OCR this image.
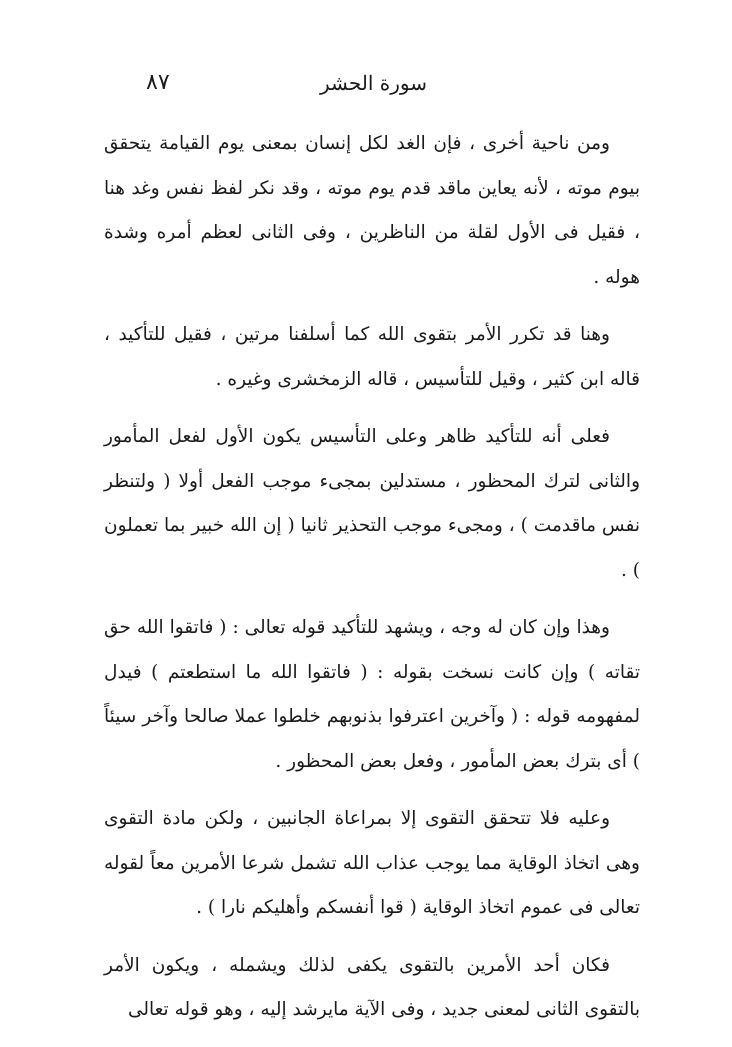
٨٧	سورة الحشر

ومن ناحية أخرى ، فإن الغد لكل إنسان بمعنى يوم القيامة يتحقق بيوم موته ، لأنه يعاين ماقد قدم يوم موته ، وقد نكر لفظ نفس وغد هنا ، فقيل فى الأول لقلة من الناظرين ، وفى الثانى لعظم أمره وشدة هوله .

وهنا قد تكرر الأمر بتقوى الله كما أسلفنا مرتين ، فقيل للتأكيد ، قاله ابن كثير ، وقيل للتأسيس ، قاله الزمخشرى وغيره .

فعلى أنه للتأكيد ظاهر وعلى التأسيس يكون الأول لفعل المأمور والثانى لترك المحظور ، مستدلين بمجىء موجب الفعل أولا ( ولتنظر نفس ماقدمت ) ، ومجىء موجب التحذير ثانيا ( إن الله خبير بما تعملون ) .

وهذا وإن كان له وجه ، ويشهد للتأكيد قوله تعالى : ( فاتقوا الله حق تقاته ) وإن كانت نسخت بقوله : ( فاتقوا الله ما استطعتم ) فيدل لمفهومه قوله : ( وآخرين اعترفوا بذنوبهم خلطوا عملا صالحا وآخر سيئاً ) أى بترك بعض المأمور ، وفعل بعض المحظور .

وعليه فلا تتحقق التقوى إلا بمراعاة الجانبين ، ولكن مادة التقوى وهى اتخاذ الوقاية مما يوجب عذاب الله تشمل شرعا الأمرين معاً لقوله تعالى فى عموم اتخاذ الوقاية ( قوا أنفسكم وأهليكم نارا ) .

فكان أحد الأمرين بالتقوى يكفى لذلك ويشمله ، ويكون الأمر بالتقوى الثانى لمعنى جديد ، وفى الآية مايرشد إليه ، وهو قوله تعالى
